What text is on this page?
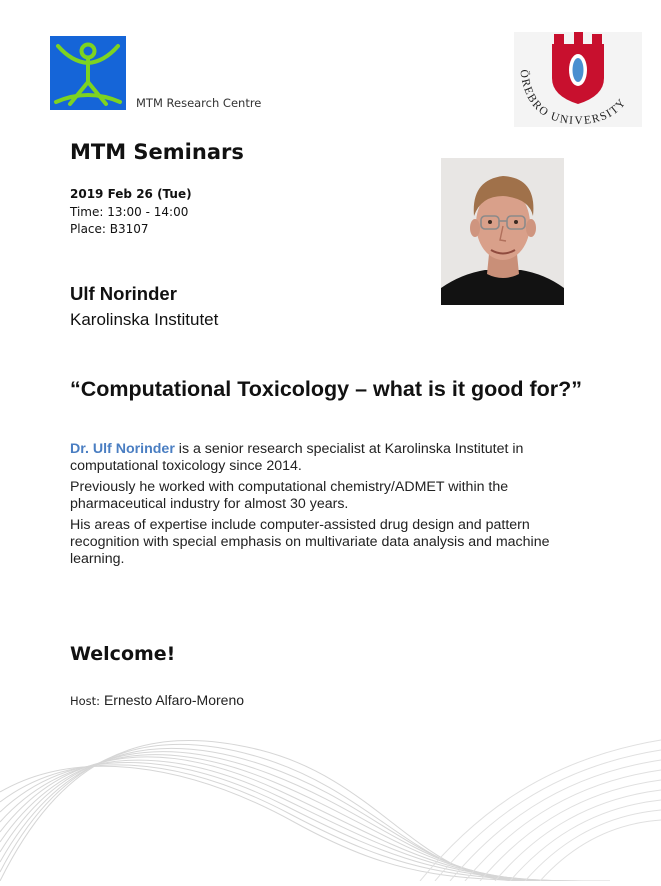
MTM Research Centre
ÖREBRO UNIVERSITY
MTM Seminars
2019 Feb 26 (Tue)
Time: 13:00 - 14:00
Place: B3107
Ulf Norinder
Karolinska Institutet
“Computational Toxicology – what is it good for?”

Dr. Ulf Norinder is a senior research specialist at Karolinska Institutet in computational toxicology since 2014.

Previously he worked with computational chemistry/ADMET within the pharmaceutical industry for almost 30 years.

His areas of expertise include computer-assisted drug design and pattern recognition with special emphasis on multivariate data analysis and machine learning.

Welcome!
Host: Ernesto Alfaro-Moreno
